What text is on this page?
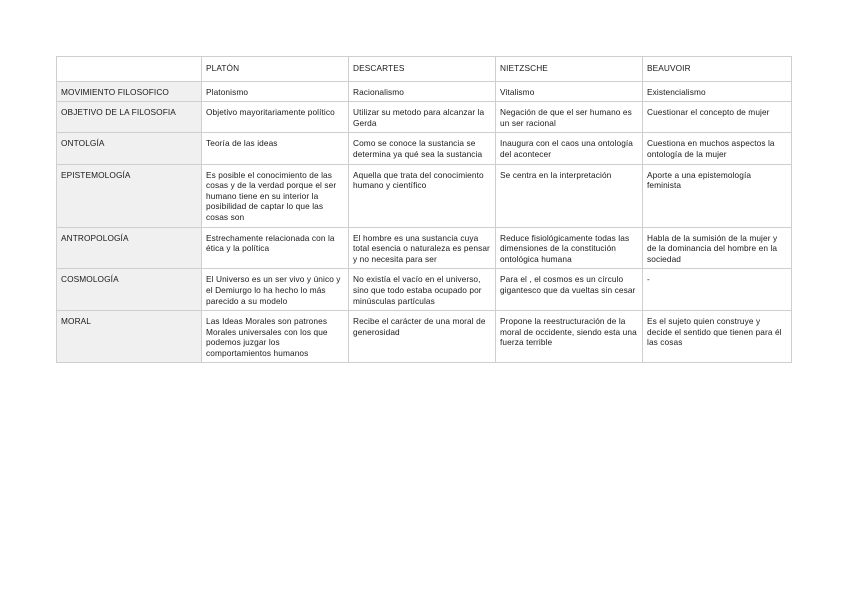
	PLATÓN	DESCARTES	NIETZSCHE	BEAUVOIR
MOVIMIENTO FILOSOFICO	Platonismo	Racionalismo	Vitalismo	Existencialismo
OBJETIVO DE LA FILOSOFIA	Objetivo mayoritariamente político	Utilizar su metodo para alcanzar la Gerda	Negación de que el ser humano es un ser racional	Cuestionar el concepto de mujer
ONTOLGÍA	Teoría de las ideas	Como se conoce la sustancia se determina ya qué sea la sustancia	Inaugura con el caos una ontología del acontecer	Cuestiona en muchos aspectos la ontología de la mujer
EPISTEMOLOGÍA	Es posible el conocimiento de las cosas y de la verdad porque el ser humano tiene en su interior la posibilidad de captar lo que las cosas son	Aquella que trata del conocimiento humano y científico	Se centra en la interpretación	Aporte a una epistemología feminista
ANTROPOLOGÍA	Estrechamente relacionada con la ética y la política	El hombre es una sustancia cuya total esencia o naturaleza es pensar y no necesita para ser	Reduce fisiológicamente todas las dimensiones de la constitución ontológica humana	Habla de la sumisión de la mujer y de la dominancia del hombre en la sociedad
COSMOLOGÍA	El Universo es un ser vivo y único y el Demiurgo lo ha hecho lo más parecido a su modelo	No existía el vacío en el universo, sino que todo estaba ocupado por minúsculas partículas	Para el , el cosmos es un círculo gigantesco que da vueltas sin cesar	-
MORAL	Las Ideas Morales son patrones Morales universales con los que podemos juzgar los comportamientos humanos	Recibe el carácter de una moral de generosidad	Propone la reestructuración de la moral de occidente, siendo esta una fuerza terrible	Es el sujeto quien construye y decide el sentido que tienen para él las cosas
